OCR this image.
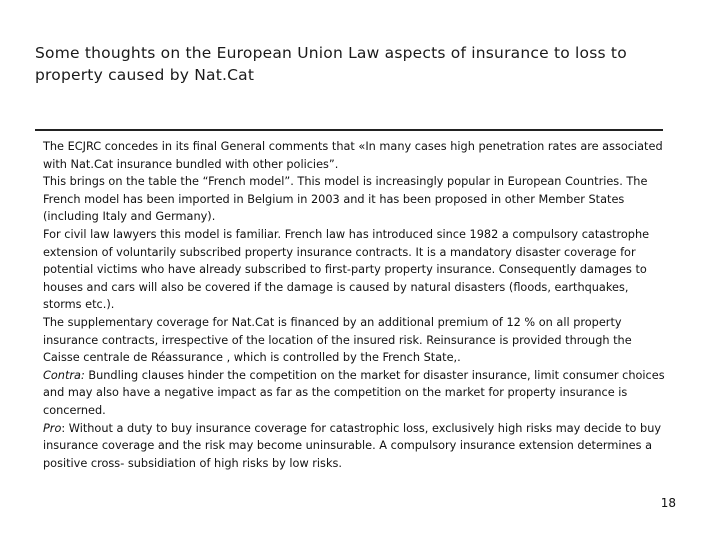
Some thoughts on the European Union Law aspects of insurance to loss to property caused by Nat.Cat

The ECJRC concedes in its final General comments that «In many cases high penetration rates are associated with Nat.Cat insurance bundled with other policies”.

This brings on the table the “French model”. This model is increasingly popular in European Countries. The French model has been imported in Belgium in 2003 and it has been proposed in other Member States (including Italy and Germany).

For civil law lawyers this model is familiar. French law has introduced since 1982 a compulsory catastrophe extension of voluntarily subscribed property insurance contracts. It is a mandatory disaster coverage for potential victims who have already subscribed to first-party property insurance. Consequently damages to houses and cars will also be covered if the damage is caused by natural disasters (floods, earthquakes, storms etc.).

The supplementary coverage for Nat.Cat is financed by an additional premium of 12 % on all property insurance contracts, irrespective of the location of the insured risk. Reinsurance is provided through the Caisse centrale de Réassurance , which is controlled by the French State,.

Contra: Bundling clauses hinder the competition on the market for disaster insurance, limit consumer choices and may also have a negative impact as far as the competition on the market for property insurance is concerned.

Pro: Without a duty to buy insurance coverage for catastrophic loss, exclusively high risks may decide to buy insurance coverage and the risk may become uninsurable. A compulsory insurance extension determines a positive cross- subsidiation of high risks by low risks.

18
